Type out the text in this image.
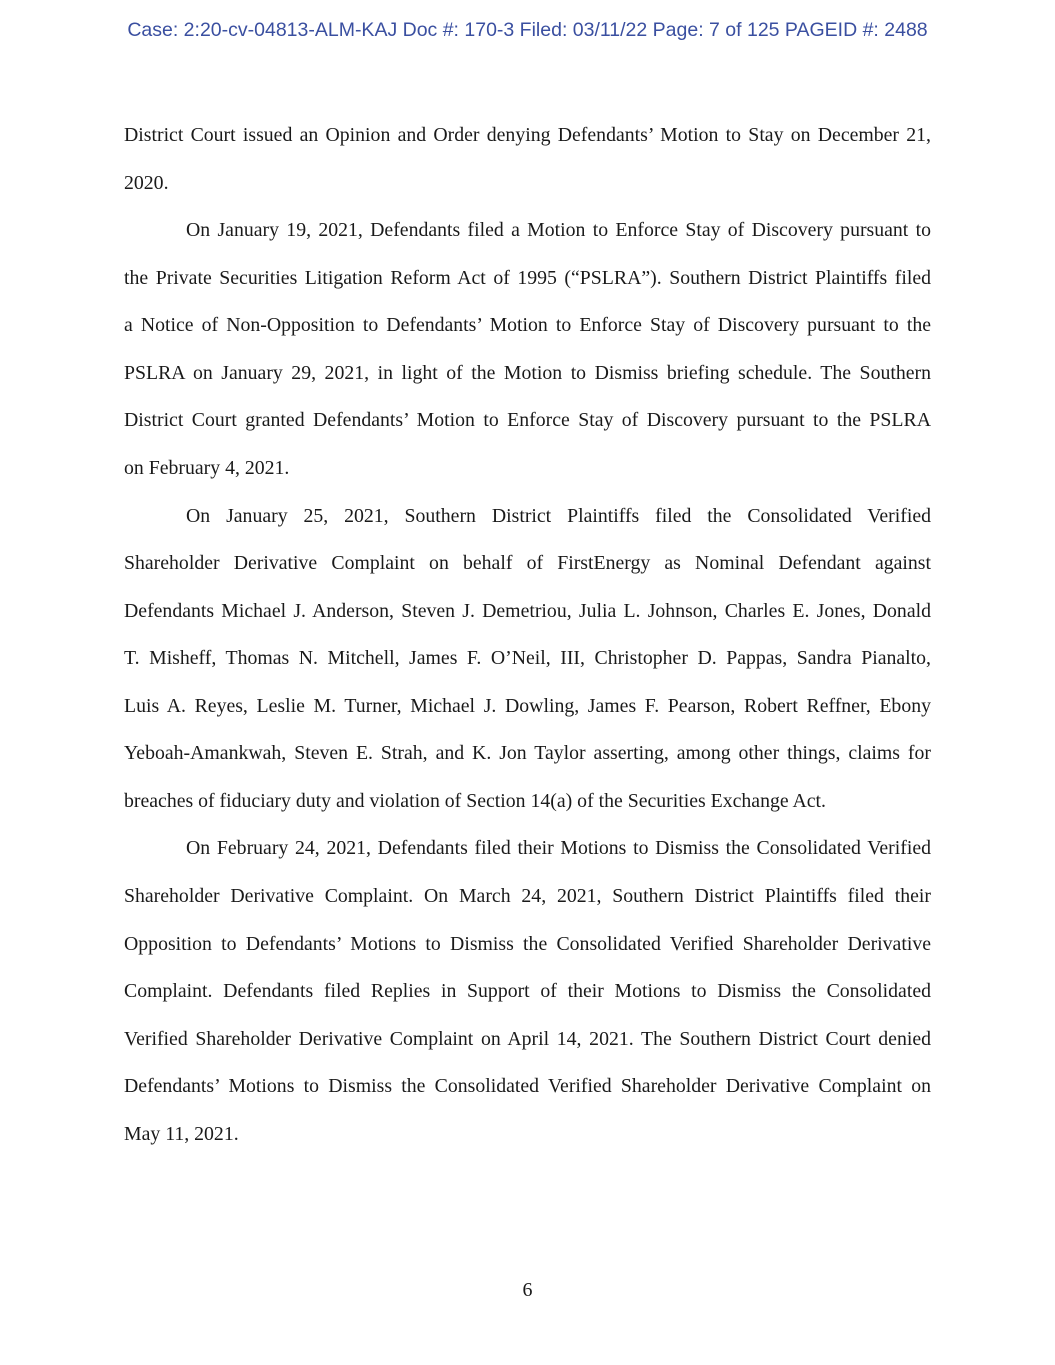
Case: 2:20-cv-04813-ALM-KAJ Doc #: 170-3 Filed: 03/11/22 Page: 7 of 125 PAGEID #: 2488
District Court issued an Opinion and Order denying Defendants’ Motion to Stay on December 21,
2020.
On January 19, 2021, Defendants filed a Motion to Enforce Stay of Discovery pursuant to
the Private Securities Litigation Reform Act of 1995 (“PSLRA”). Southern District Plaintiffs filed
a Notice of Non-Opposition to Defendants’ Motion to Enforce Stay of Discovery pursuant to the
PSLRA on January 29, 2021, in light of the Motion to Dismiss briefing schedule. The Southern
District Court granted Defendants’ Motion to Enforce Stay of Discovery pursuant to the PSLRA
on February 4, 2021.
On January 25, 2021, Southern District Plaintiffs filed the Consolidated Verified
Shareholder Derivative Complaint on behalf of FirstEnergy as Nominal Defendant against
Defendants Michael J. Anderson, Steven J. Demetriou, Julia L. Johnson, Charles E. Jones, Donald
T. Misheff, Thomas N. Mitchell, James F. O’Neil, III, Christopher D. Pappas, Sandra Pianalto,
Luis A. Reyes, Leslie M. Turner, Michael J. Dowling, James F. Pearson, Robert Reffner, Ebony
Yeboah-Amankwah, Steven E. Strah, and K. Jon Taylor asserting, among other things, claims for
breaches of fiduciary duty and violation of Section 14(a) of the Securities Exchange Act.
On February 24, 2021, Defendants filed their Motions to Dismiss the Consolidated Verified
Shareholder Derivative Complaint. On March 24, 2021, Southern District Plaintiffs filed their
Opposition to Defendants’ Motions to Dismiss the Consolidated Verified Shareholder Derivative
Complaint. Defendants filed Replies in Support of their Motions to Dismiss the Consolidated
Verified Shareholder Derivative Complaint on April 14, 2021. The Southern District Court denied
Defendants’ Motions to Dismiss the Consolidated Verified Shareholder Derivative Complaint on
May 11, 2021.
6
